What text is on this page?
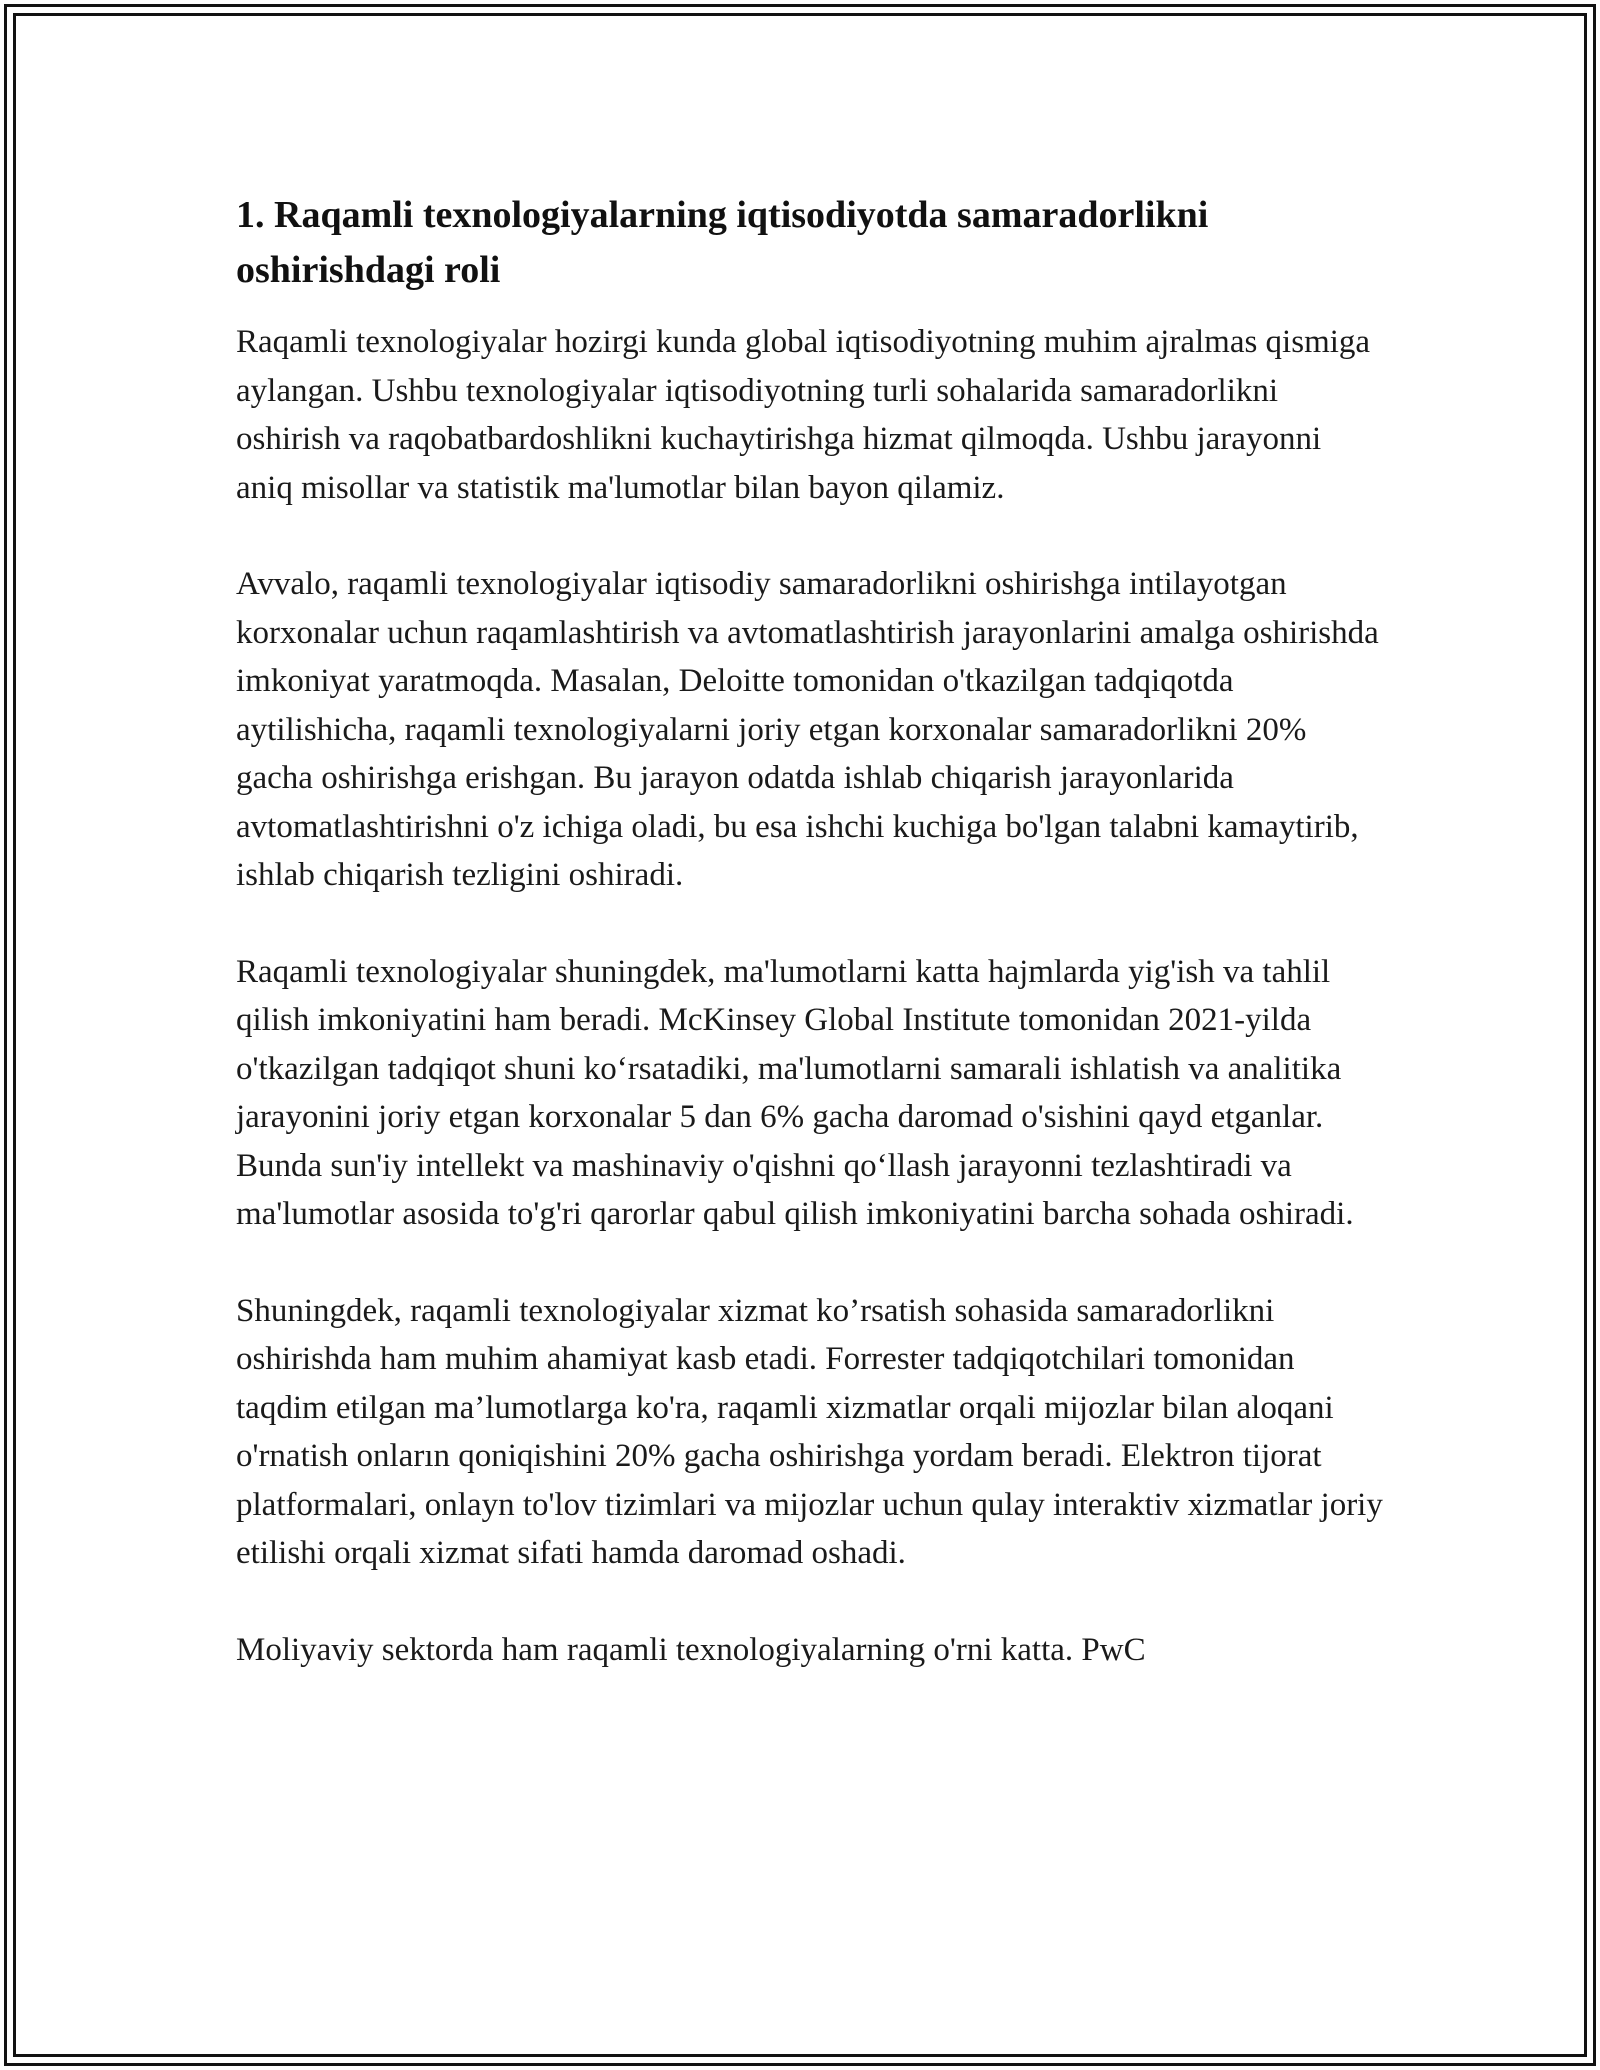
1. Raqamli texnologiyalarning iqtisodiyotda samaradorlikni oshirishdagi roli

Raqamli texnologiyalar hozirgi kunda global iqtisodiyotning muhim ajralmas qismiga aylangan. Ushbu texnologiyalar iqtisodiyotning turli sohalarida samaradorlikni oshirish va raqobatbardoshlikni kuchaytirishga hizmat qilmoqda. Ushbu jarayonni aniq misollar va statistik ma'lumotlar bilan bayon qilamiz.

Avvalo, raqamli texnologiyalar iqtisodiy samaradorlikni oshirishga intilayotgan korxonalar uchun raqamlashtirish va avtomatlashtirish jarayonlarini amalga oshirishda imkoniyat yaratmoqda. Masalan, Deloitte tomonidan o'tkazilgan tadqiqotda aytilishicha, raqamli texnologiyalarni joriy etgan korxonalar samaradorlikni 20% gacha oshirishga erishgan. Bu jarayon odatda ishlab chiqarish jarayonlarida avtomatlashtirishni o'z ichiga oladi, bu esa ishchi kuchiga bo'lgan talabni kamaytirib, ishlab chiqarish tezligini oshiradi.

Raqamli texnologiyalar shuningdek, ma'lumotlarni katta hajmlarda yig'ish va tahlil qilish imkoniyatini ham beradi. McKinsey Global Institute tomonidan 2021-yilda o'tkazilgan tadqiqot shuni ko‘rsatadiki, ma'lumotlarni samarali ishlatish va analitika jarayonini joriy etgan korxonalar 5 dan 6% gacha daromad o'sishini qayd etganlar. Bunda sun'iy intellekt va mashinaviy o'qishni qo‘llash jarayonni tezlashtiradi va ma'lumotlar asosida to'g'ri qarorlar qabul qilish imkoniyatini barcha sohada oshiradi.

Shuningdek, raqamli texnologiyalar xizmat ko’rsatish sohasida samaradorlikni oshirishda ham muhim ahamiyat kasb etadi. Forrester tadqiqotchilari tomonidan taqdim etilgan ma’lumotlarga ko'ra, raqamli xizmatlar orqali mijozlar bilan aloqani o'rnatish onların qoniqishini 20% gacha oshirishga yordam beradi. Elektron tijorat platformalari, onlayn to'lov tizimlari va mijozlar uchun qulay interaktiv xizmatlar joriy etilishi orqali xizmat sifati hamda daromad oshadi.

Moliyaviy sektorda ham raqamli texnologiyalarning o'rni katta. PwC
